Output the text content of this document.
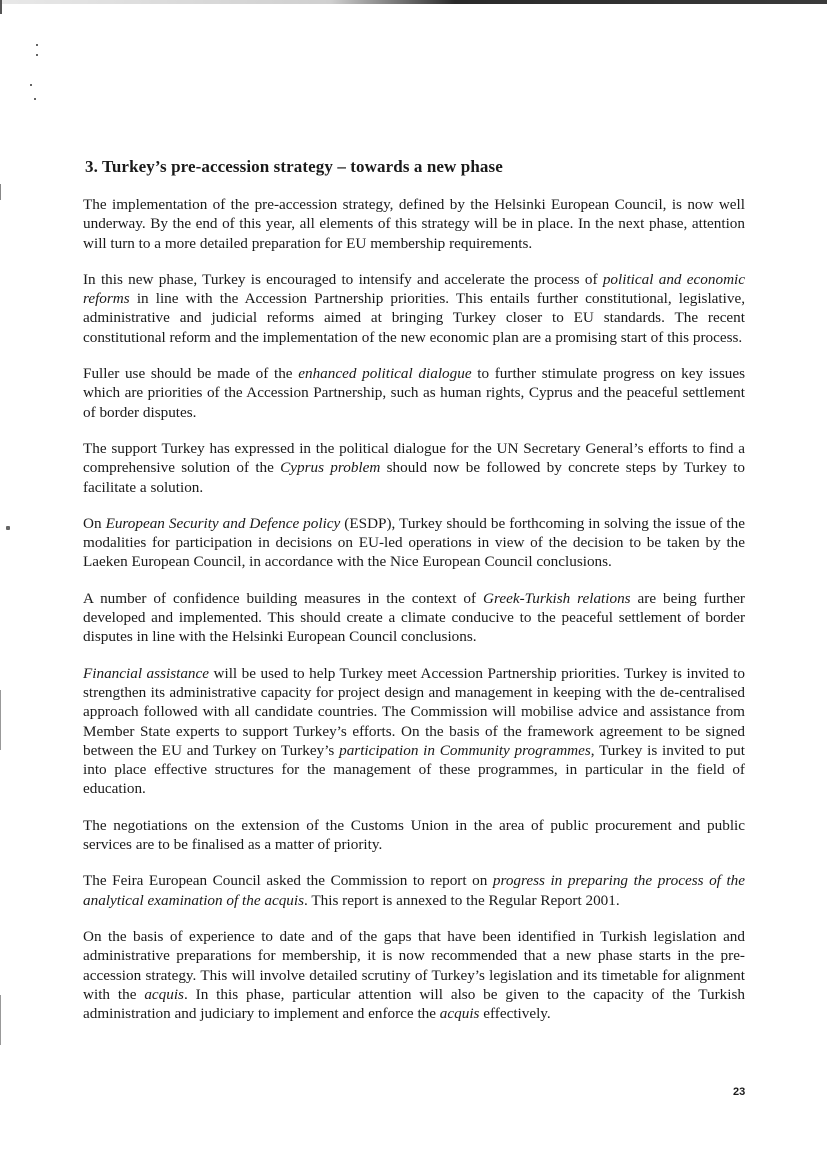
3. Turkey’s pre-accession strategy – towards a new phase

The implementation of the pre-accession strategy, defined by the Helsinki European Council, is now well underway. By the end of this year, all elements of this strategy will be in place. In the next phase, attention will turn to a more detailed preparation for EU membership requirements.

In this new phase, Turkey is encouraged to intensify and accelerate the process of political and economic reforms in line with the Accession Partnership priorities. This entails further constitutional, legislative, administrative and judicial reforms aimed at bringing Turkey closer to EU standards. The recent constitutional reform and the implementation of the new economic plan are a promising start of this process.

Fuller use should be made of the enhanced political dialogue to further stimulate progress on key issues which are priorities of the Accession Partnership, such as human rights, Cyprus and the peaceful settlement of border disputes.

The support Turkey has expressed in the political dialogue for the UN Secretary General’s efforts to find a comprehensive solution of the Cyprus problem should now be followed by concrete steps by Turkey to facilitate a solution.

On European Security and Defence policy (ESDP), Turkey should be forthcoming in solving the issue of the modalities for participation in decisions on EU-led operations in view of the decision to be taken by the Laeken European Council, in accordance with the Nice European Council conclusions.

A number of confidence building measures in the context of Greek-Turkish relations are being further developed and implemented. This should create a climate conducive to the peaceful settlement of border disputes in line with the Helsinki European Council conclusions.

Financial assistance will be used to help Turkey meet Accession Partnership priorities. Turkey is invited to strengthen its administrative capacity for project design and management in keeping with the de-centralised approach followed with all candidate countries. The Commission will mobilise advice and assistance from Member State experts to support Turkey’s efforts. On the basis of the framework agreement to be signed between the EU and Turkey on Turkey’s participation in Community programmes, Turkey is invited to put into place effective structures for the management of these programmes, in particular in the field of education.

The negotiations on the extension of the Customs Union in the area of public procurement and public services are to be finalised as a matter of priority.

The Feira European Council asked the Commission to report on progress in preparing the process of the analytical examination of the acquis. This report is annexed to the Regular Report 2001.

On the basis of experience to date and of the gaps that have been identified in Turkish legislation and administrative preparations for membership, it is now recommended that a new phase starts in the pre-accession strategy. This will involve detailed scrutiny of Turkey’s legislation and its timetable for alignment with the acquis. In this phase, particular attention will also be given to the capacity of the Turkish administration and judiciary to implement and enforce the acquis effectively.

23
